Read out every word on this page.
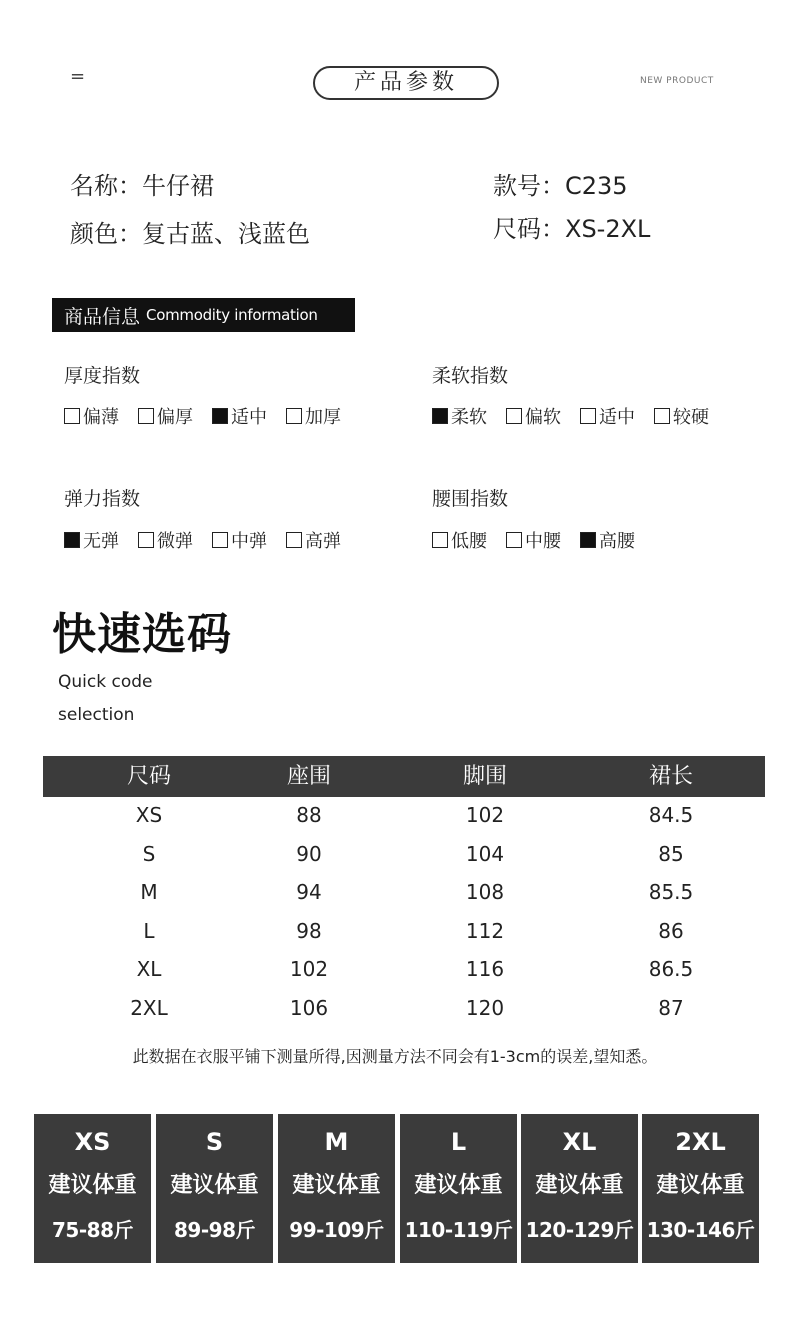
=	产品参数	NEW PRODUCT
名称：牛仔裙
颜色：复古蓝、浅蓝色
款号：C235
尺码：XS-2XL
商品信息 Commodity information
厚度指数
偏薄 偏厚 适中 加厚
柔软指数
柔软 偏软 适中 较硬
弹力指数
无弹 微弹 中弹 高弹
腰围指数
低腰 中腰 高腰
快速选码
Quick code
selection
尺码	座围	脚围	裙长
XS	88	102	84.5
S	90	104	85
M	94	108	85.5
L	98	112	86
XL	102	116	86.5
2XL	106	120	87
此数据在衣服平铺下测量所得,因测量方法不同会有1-3cm的误差,望知悉。
XS
建议体重
75-88斤
S
建议体重
89-98斤
M
建议体重
99-109斤
L
建议体重
110-119斤
XL
建议体重
120-129斤
2XL
建议体重
130-146斤
